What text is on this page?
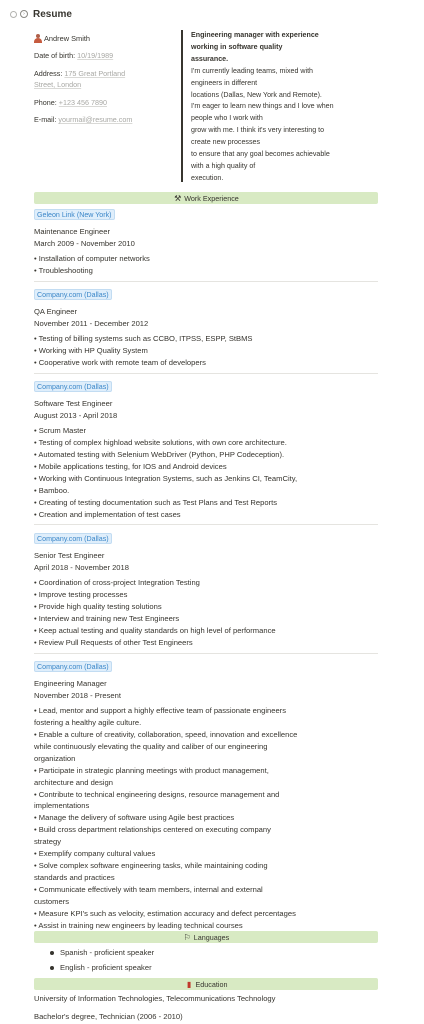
› Resume
Andrew Smith
Date of birth: 10/19/1989
Address: 175 Great Portland
Street, London
Phone: +123 456 7890
E-mail: yourmail@resume.com
Engineering manager with experience
working in software quality
assurance.
I'm currently leading teams, mixed with
engineers in different
locations (Dallas, New York and Remote).
I'm eager to learn new things and I love when
people who I work with
grow with me. I think it's very interesting to
create new processes
to ensure that any goal becomes achievable
with a high quality of
execution.
⚒ Work Experience
Geleon Link (New York)
Maintenance Engineer
March 2009 - November 2010
• Installation of computer networks
• Troubleshooting
Company.com (Dallas)
QA Engineer
November 2011 - December 2012
• Testing of billing systems such as CCBO, ITPSS, ESPP, StBMS
• Working with HP Quality System
• Cooperative work with remote team of developers
Company.com (Dallas)
Software Test Engineer
August 2013 - April 2018
• Scrum Master
• Testing of complex highload website solutions, with own core architecture.
• Automated testing with Selenium WebDriver (Python, PHP Codeception).
• Mobile applications testing, for IOS and Android devices
• Working with Continuous Integration Systems, such as Jenkins CI, TeamCity,
• Bamboo.
• Creating of testing documentation such as Test Plans and Test Reports
• Creation and implementation of test cases
Company.com (Dallas)
Senior Test Engineer
April 2018 - November 2018
• Coordination of cross-project Integration Testing
• Improve testing processes
• Provide high quality testing solutions
• Interview and training new Test Engineers
• Keep actual testing and quality standards on high level of performance
• Review Pull Requests of other Test Engineers
Company.com (Dallas)
Engineering Manager
November 2018 - Present
• Lead, mentor and support a highly effective team of passionate engineers
fostering a healthy agile culture.
• Enable a culture of creativity, collaboration, speed, innovation and excellence
while continuously elevating the quality and caliber of our engineering
organization
• Participate in strategic planning meetings with product management,
architecture and design
• Contribute to technical engineering designs, resource management and
implementations
• Manage the delivery of software using Agile best practices
• Build cross department relationships centered on executing company
strategy
• Exemplify company cultural values
• Solve complex software engineering tasks, while maintaining coding
standards and practices
• Communicate effectively with team members, internal and external
customers
• Measure KPI's such as velocity, estimation accuracy and defect percentages
• Assist in training new engineers by leading technical courses
⚐ Languages
Spanish - proficient speaker
English - proficient speaker
▮ Education
University of Information Technologies, Telecommunications Technology
Bachelor's degree, Technician (2006 - 2010)
